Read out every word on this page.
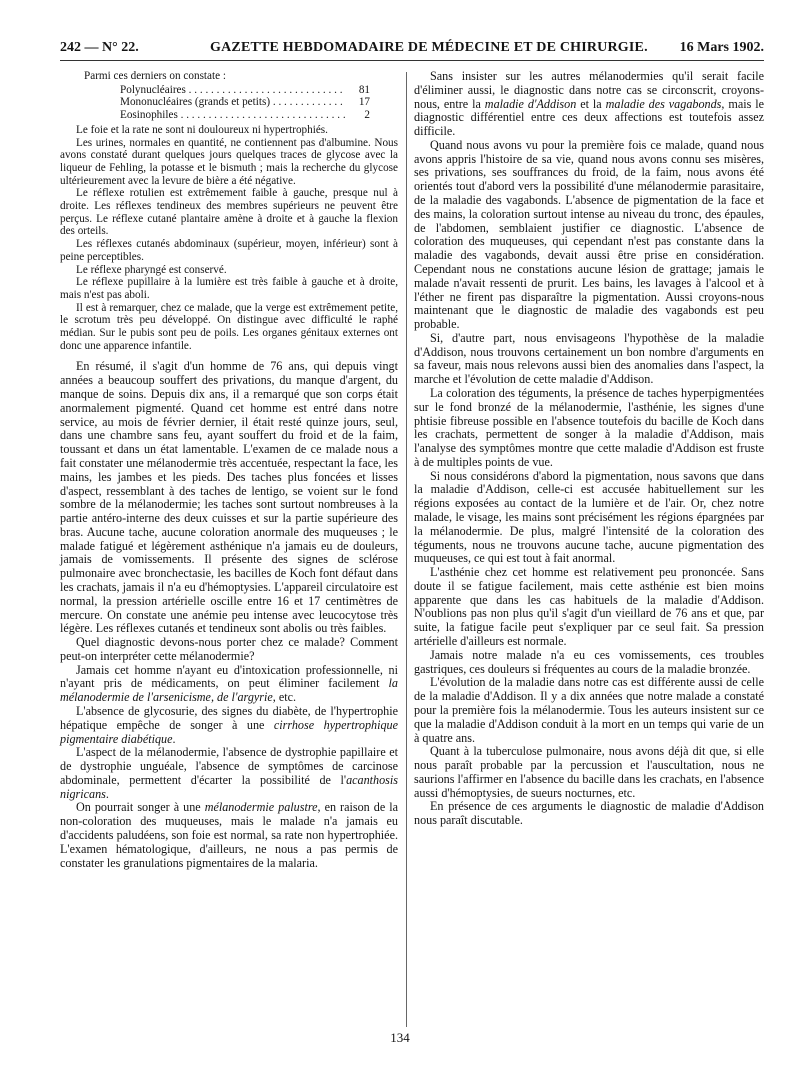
242 — N° 22.	GAZETTE HEBDOMADAIRE DE MÉDECINE ET DE CHIRURGIE. 16 Mars 1902.

Parmi ces derniers on constate :

Polynucléaires . . .	81
Mononucléaires (grands et petits) . . .	17
Eosinophiles . . .	2

Le foie et la rate ne sont ni douloureux ni hypertrophiés.

Les urines, normales en quantité, ne contiennent pas d'albumine. Nous avons constaté durant quelques jours quelques traces de glycose avec la liqueur de Fehling, la potasse et le bismuth ; mais la recherche du glycose ultérieurement avec la levure de bière a été négative.

Le réflexe rotulien est extrêmement faible à gauche, presque nul à droite. Les réflexes tendineux des membres supérieurs ne peuvent être perçus. Le réflexe cutané plantaire amène à droite et à gauche la flexion des orteils.

Les réflexes cutanés abdominaux (supérieur, moyen, inférieur) sont à peine perceptibles.

Le réflexe pharyngé est conservé.

Le réflexe pupillaire à la lumière est très faible à gauche et à droite, mais n'est pas aboli.

Il est à remarquer, chez ce malade, que la verge est extrêmement petite, le scrotum très peu développé. On distingue avec difficulté le raphé médian. Sur le pubis sont peu de poils. Les organes génitaux externes ont donc une apparence infantile.

En résumé, il s'agit d'un homme de 76 ans, qui depuis vingt années a beaucoup souffert des privations, du manque d'argent, du manque de soins. Depuis dix ans, il a remarqué que son corps était anormalement pigmenté. Quand cet homme est entré dans notre service, au mois de février dernier, il était resté quinze jours, seul, dans une chambre sans feu, ayant souffert du froid et de la faim, toussant et dans un état lamentable. L'examen de ce malade nous a fait constater une mélanodermie très accentuée, respectant la face, les mains, les jambes et les pieds. Des taches plus foncées et lisses d'aspect, ressemblant à des taches de lentigo, se voient sur le fond sombre de la mélanodermie; les taches sont surtout nombreuses à la partie antéro-interne des deux cuisses et sur la partie supérieure des bras. Aucune tache, aucune coloration anormale des muqueuses ; le malade fatigué et légèrement asthénique n'a jamais eu de douleurs, jamais de vomissements. Il présente des signes de sclérose pulmonaire avec bronchectasie, les bacilles de Koch font défaut dans les crachats, jamais il n'a eu d'hémoptysies. L'appareil circulatoire est normal, la pression artérielle oscille entre 16 et 17 centimètres de mercure. On constate une anémie peu intense avec leucocytose très légère. Les réflexes cutanés et tendineux sont abolis ou très faibles.

Quel diagnostic devons-nous porter chez ce malade? Comment peut-on interpréter cette mélanodermie?

Jamais cet homme n'ayant eu d'intoxication professionnelle, ni n'ayant pris de médicaments, on peut éliminer facilement la mélanodermie de l'arsenicisme, de l'argyrie, etc.

L'absence de glycosurie, des signes du diabète, de l'hypertrophie hépatique empêche de songer à une cirrhose hypertrophique pigmentaire diabétique.

L'aspect de la mélanodermie, l'absence de dystrophie papillaire et de dystrophie unguéale, l'absence de symptômes de carcinose abdominale, permettent d'écarter la possibilité de l'acanthosis nigricans.

On pourrait songer à une mélanodermie palustre, en raison de la non-coloration des muqueuses, mais le malade n'a jamais eu d'accidents paludéens, son foie est normal, sa rate non hypertrophiée. L'examen hématologique, d'ailleurs, ne nous a pas permis de constater les granulations pigmentaires de la malaria.

Sans insister sur les autres mélanodermies qu'il serait facile d'éliminer aussi, le diagnostic dans notre cas se circonscrit, croyons-nous, entre la maladie d'Addison et la maladie des vagabonds, mais le diagnostic différentiel entre ces deux affections est toutefois assez difficile.

Quand nous avons vu pour la première fois ce malade, quand nous avons appris l'histoire de sa vie, quand nous avons connu ses misères, ses privations, ses souffrances du froid, de la faim, nous avons été orientés tout d'abord vers la possibilité d'une mélanodermie parasitaire, de la maladie des vagabonds. L'absence de pigmentation de la face et des mains, la coloration surtout intense au niveau du tronc, des épaules, de l'abdomen, semblaient justifier ce diagnostic. L'absence de coloration des muqueuses, qui cependant n'est pas constante dans la maladie des vagabonds, devait aussi être prise en considération. Cependant nous ne constations aucune lésion de grattage; jamais le malade n'avait ressenti de prurit. Les bains, les lavages à l'alcool et à l'éther ne firent pas disparaître la pigmentation. Aussi croyons-nous maintenant que le diagnostic de maladie des vagabonds est peu probable.

Si, d'autre part, nous envisageons l'hypothèse de la maladie d'Addison, nous trouvons certainement un bon nombre d'arguments en sa faveur, mais nous relevons aussi bien des anomalies dans l'aspect, la marche et l'évolution de cette maladie d'Addison.

La coloration des téguments, la présence de taches hyperpigmentées sur le fond bronzé de la mélanodermie, l'asthénie, les signes d'une phtisie fibreuse possible en l'absence toutefois du bacille de Koch dans les crachats, permettent de songer à la maladie d'Addison, mais l'analyse des symptômes montre que cette maladie d'Addison est fruste à de multiples points de vue.

Si nous considérons d'abord la pigmentation, nous savons que dans la maladie d'Addison, celle-ci est accusée habituellement sur les régions exposées au contact de la lumière et de l'air. Or, chez notre malade, le visage, les mains sont précisément les régions épargnées par la mélanodermie. De plus, malgré l'intensité de la coloration des téguments, nous ne trouvons aucune tache, aucune pigmentation des muqueuses, ce qui est tout à fait anormal.

L'asthénie chez cet homme est relativement peu prononcée. Sans doute il se fatigue facilement, mais cette asthénie est bien moins apparente que dans les cas habituels de la maladie d'Addison. N'oublions pas non plus qu'il s'agit d'un vieillard de 76 ans et que, par suite, la fatigue facile peut s'expliquer par ce seul fait. Sa pression artérielle d'ailleurs est normale.

Jamais notre malade n'a eu ces vomissements, ces troubles gastriques, ces douleurs si fréquentes au cours de la maladie bronzée.

L'évolution de la maladie dans notre cas est différente aussi de celle de la maladie d'Addison. Il y a dix années que notre malade a constaté pour la première fois la mélanodermie. Tous les auteurs insistent sur ce que la maladie d'Addison conduit à la mort en un temps qui varie de un à quatre ans.

Quant à la tuberculose pulmonaire, nous avons déjà dit que, si elle nous paraît probable par la percussion et l'auscultation, nous ne saurions l'affirmer en l'absence du bacille dans les crachats, en l'absence aussi d'hémoptysies, de sueurs nocturnes, etc.

En présence de ces arguments le diagnostic de maladie d'Addison nous paraît discutable.

134
